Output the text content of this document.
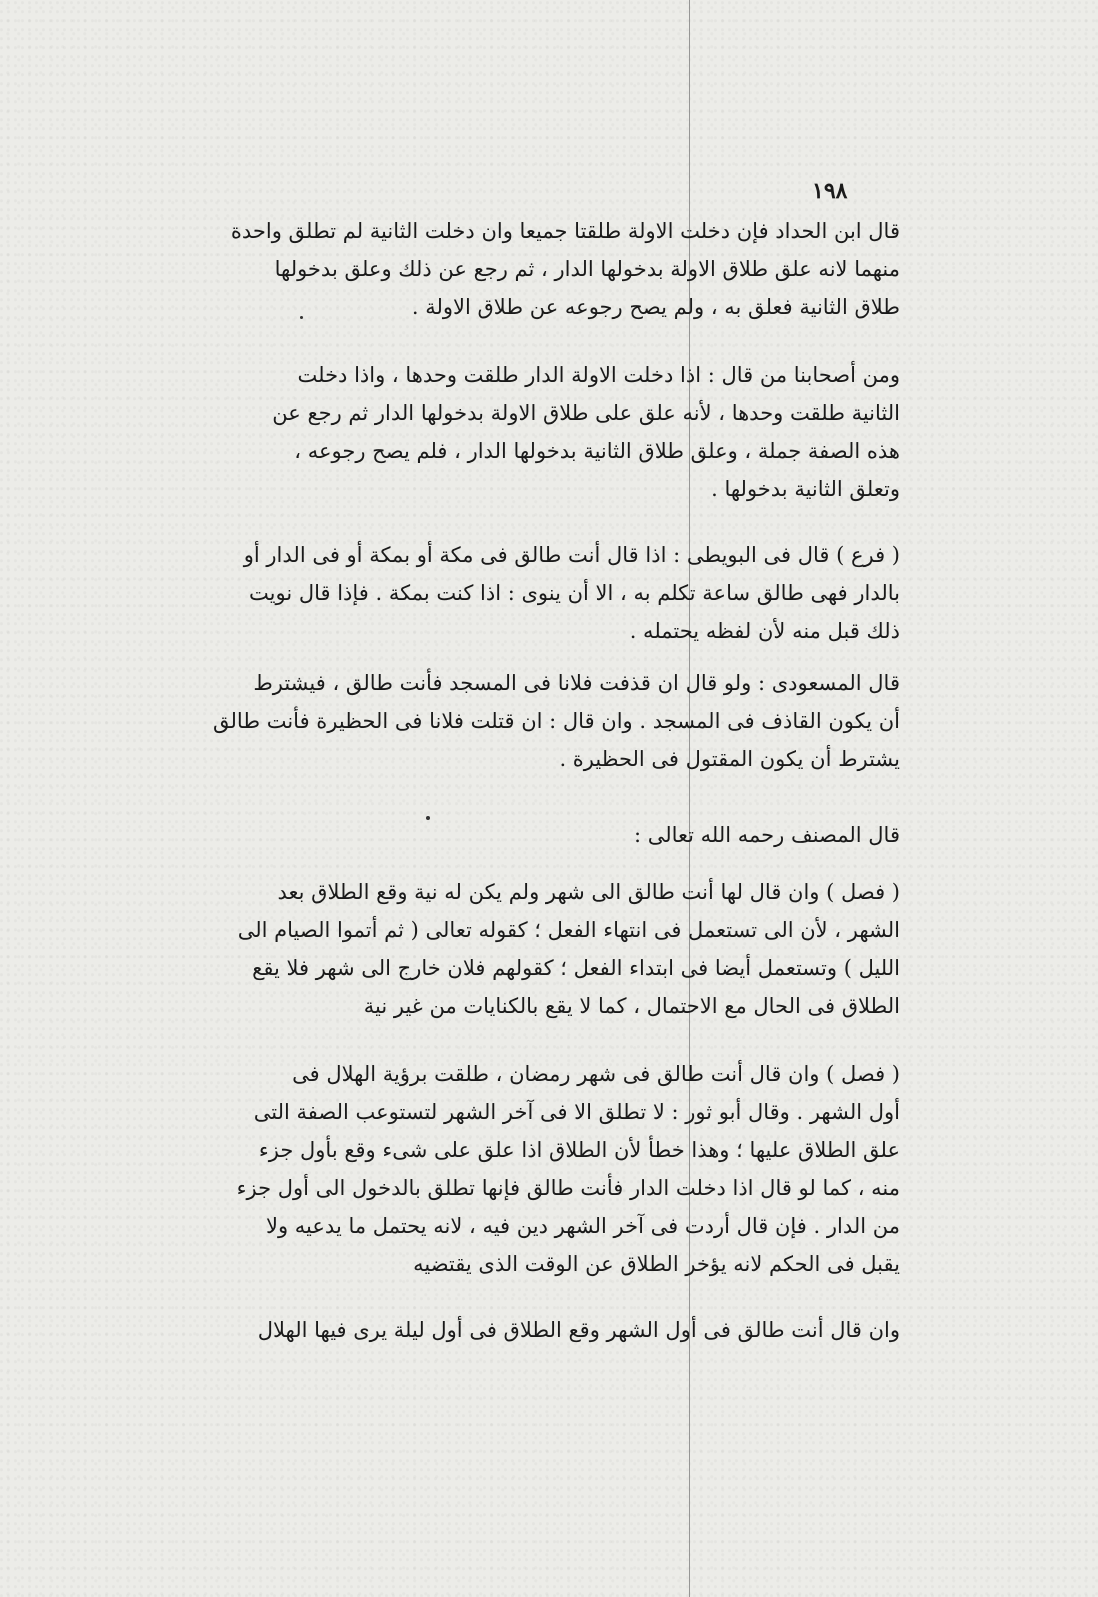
١٩٨
قال ابن الحداد فإن دخلت الاولة طلقتا جميعا وان دخلت الثانية لم تطلق واحدة
منهما لانه علق طلاق الاولة بدخولها الدار ، ثم رجع عن ذلك وعلق بدخولها
طلاق الثانية فعلق به ، ولم يصح رجوعه عن طلاق الاولة .
ومن أصحابنا من قال : اذا دخلت الاولة الدار طلقت وحدها ، واذا دخلت
الثانية طلقت وحدها ، لأنه علق على طلاق الاولة بدخولها الدار ثم رجع عن
هذه الصفة جملة ، وعلق طلاق الثانية بدخولها الدار ، فلم يصح رجوعه ،
وتعلق الثانية بدخولها .
( فرع ) قال فى البويطى : اذا قال أنت طالق فى مكة أو بمكة أو فى الدار أو
بالدار فهى طالق ساعة تكلم به ، الا أن ينوى : اذا كنت بمكة . فإذا قال نويت
ذلك قبل منه لأن لفظه يحتمله .
قال المسعودى : ولو قال ان قذفت فلانا فى المسجد فأنت طالق ، فيشترط
أن يكون القاذف فى المسجد . وان قال : ان قتلت فلانا فى الحظيرة فأنت طالق
يشترط أن يكون المقتول فى الحظيرة .
قال المصنف رحمه الله تعالى :
( فصل ) وان قال لها أنت طالق الى شهر ولم يكن له نية وقع الطلاق بعد
الشهر ، لأن الى تستعمل فى انتهاء الفعل ؛ كقوله تعالى ( ثم أتموا الصيام الى
الليل ) وتستعمل أيضا فى ابتداء الفعل ؛ كقولهم فلان خارج الى شهر فلا يقع
الطلاق فى الحال مع الاحتمال ، كما لا يقع بالكنايات من غير نية
( فصل ) وان قال أنت طالق فى شهر رمضان ، طلقت برؤية الهلال فى
أول الشهر . وقال أبو ثور : لا تطلق الا فى آخر الشهر لتستوعب الصفة التى
علق الطلاق عليها ؛ وهذا خطأ لأن الطلاق اذا علق على شىء وقع بأول جزء
منه ، كما لو قال اذا دخلت الدار فأنت طالق فإنها تطلق بالدخول الى أول جزء
من الدار . فإن قال أردت فى آخر الشهر دين فيه ، لانه يحتمل ما يدعيه ولا
يقبل فى الحكم لانه يؤخر الطلاق عن الوقت الذى يقتضيه
وان قال أنت طالق فى أول الشهر وقع الطلاق فى أول ليلة يرى فيها الهلال
